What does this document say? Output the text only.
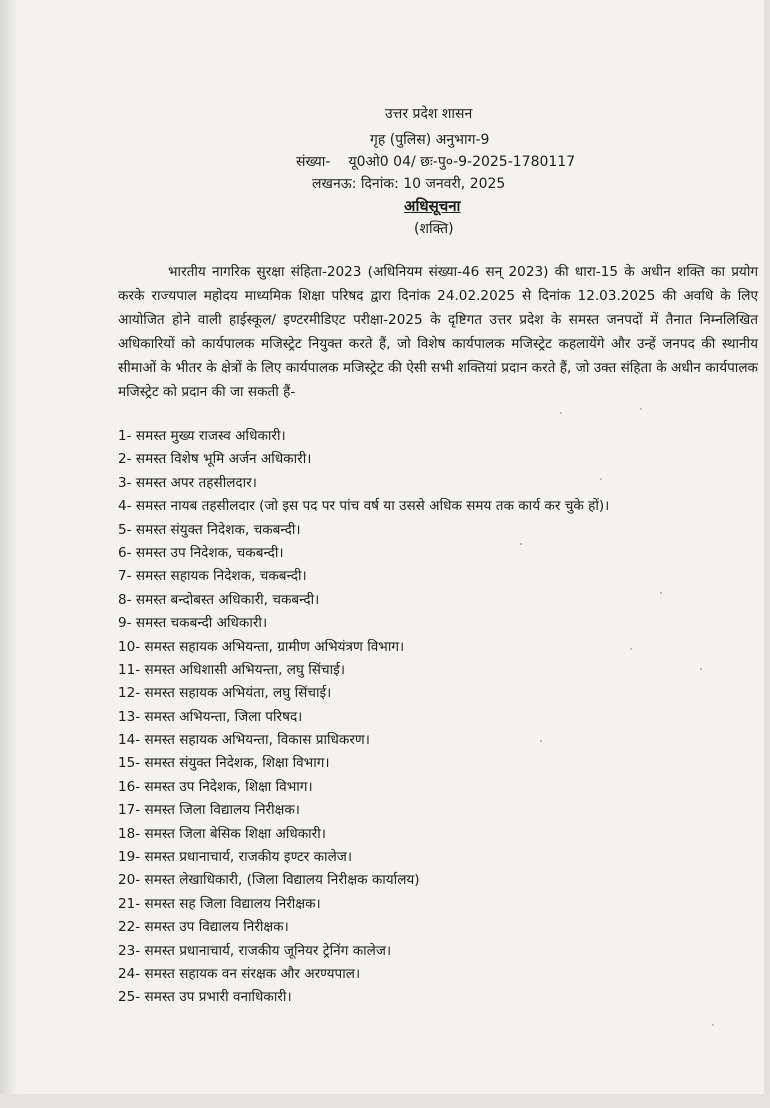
उत्तर प्रदेश शासन
गृह (पुलिस) अनुभाग-9
संख्या- यू0ओ0 04/ छः-पु०-9-2025-1780117
लखनऊ: दिनांक: 10 जनवरी, 2025
अधिसूचना
(शक्ति)
भारतीय नागरिक सुरक्षा संहिता-2023 (अधिनियम संख्या-46 सन् 2023) की धारा-15 के अधीन शक्ति का प्रयोग करके राज्यपाल महोदय माध्यमिक शिक्षा परिषद द्वारा दिनांक 24.02.2025 से दिनांक 12.03.2025 की अवधि के लिए आयोजित होने वाली हाईस्कूल/ इण्टरमीडिएट परीक्षा-2025 के दृष्टिगत उत्तर प्रदेश के समस्त जनपदों में तैनात निम्नलिखित अधिकारियों को कार्यपालक मजिस्ट्रेट नियुक्त करते हैं, जो विशेष कार्यपालक मजिस्ट्रेट कहलायेंगे और उन्हें जनपद की स्थानीय सीमाओं के भीतर के क्षेत्रों के लिए कार्यपालक मजिस्ट्रेट की ऐसी सभी शक्तियां प्रदान करते हैं, जो उक्त संहिता के अधीन कार्यपालक मजिस्ट्रेट को प्रदान की जा सकती हैं-
1- समस्त मुख्य राजस्व अधिकारी।
2- समस्त विशेष भूमि अर्जन अधिकारी।
3- समस्त अपर तहसीलदार।
4- समस्त नायब तहसीलदार (जो इस पद पर पांच वर्ष या उससे अधिक समय तक कार्य कर चुके हों)।
5- समस्त संयुक्त निदेशक, चकबन्दी।
6- समस्त उप निदेशक, चकबन्दी।
7- समस्त सहायक निदेशक, चकबन्दी।
8- समस्त बन्दोबस्त अधिकारी, चकबन्दी।
9- समस्त चकबन्दी अधिकारी।
10- समस्त सहायक अभियन्ता, ग्रामीण अभियंत्रण विभाग।
11- समस्त अधिशासी अभियन्ता, लघु सिंचाई।
12- समस्त सहायक अभियंता, लघु सिंचाई।
13- समस्त अभियन्ता, जिला परिषद।
14- समस्त सहायक अभियन्ता, विकास प्राधिकरण।
15- समस्त संयुक्त निदेशक, शिक्षा विभाग।
16- समस्त उप निदेशक, शिक्षा विभाग।
17- समस्त जिला विद्यालय निरीक्षक।
18- समस्त जिला बेसिक शिक्षा अधिकारी।
19- समस्त प्रधानाचार्य, राजकीय इण्टर कालेज।
20- समस्त लेखाधिकारी, (जिला विद्यालय निरीक्षक कार्यालय)
21- समस्त सह जिला विद्यालय निरीक्षक।
22- समस्त उप विद्यालय निरीक्षक।
23- समस्त प्रधानाचार्य, राजकीय जूनियर ट्रेनिंग कालेज।
24- समस्त सहायक वन संरक्षक और अरण्यपाल।
25- समस्त उप प्रभारी वनाधिकारी।
